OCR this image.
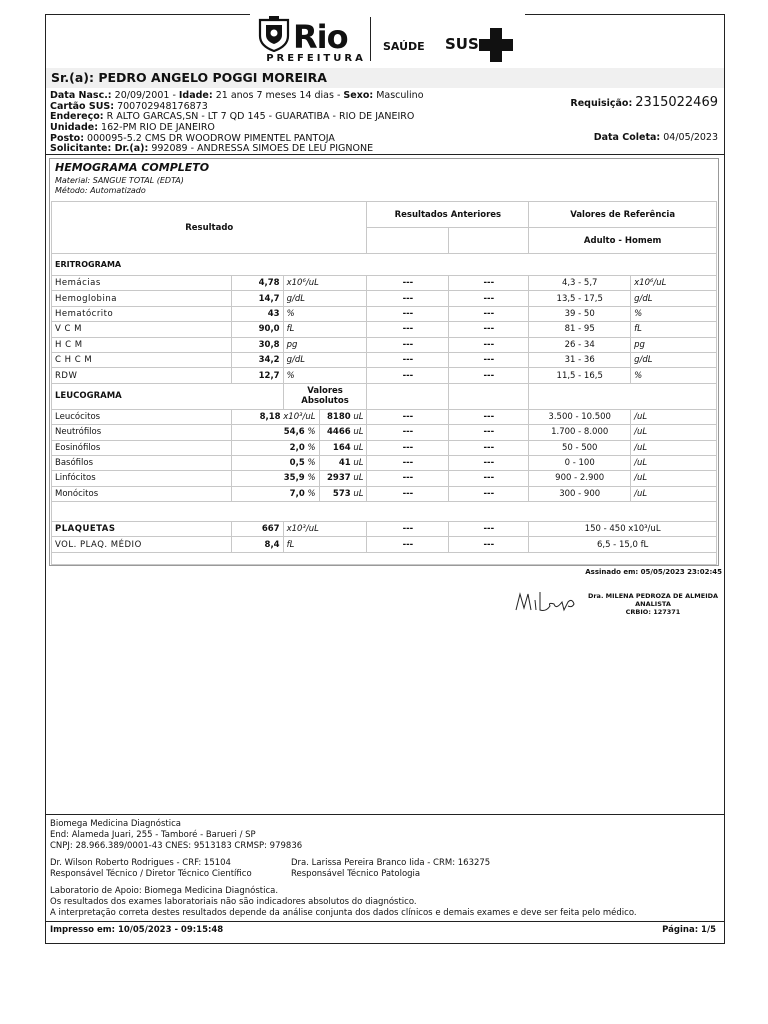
Rio
PREFEITURA
SAÚDE SUS
Sr.(a): PEDRO ANGELO POGGI MOREIRA
Data Nasc.: 20/09/2001 - Idade: 21 anos 7 meses 14 dias - Sexo: Masculino
Cartão SUS: 700702948176873
Endereço: R ALTO GARCAS,SN - LT 7 QD 145 - GUARATIBA - RIO DE JANEIRO
Unidade: 162-PM RIO DE JANEIRO
Posto: 000095-5.2 CMS DR WOODROW PIMENTEL PANTOJA
Solicitante: Dr.(a): 992089 - ANDRESSA SIMOES DE LEU PIGNONE
Requisição: 2315022469
Data Coleta: 04/05/2023
HEMOGRAMA COMPLETO
Material: SANGUE TOTAL (EDTA)
Método: Automatizado
Resultado				Resultados Anteriores		Valores de Referência	
						Adulto - Homem	
ERITROGRAMA							
Hemácias	4,78	x10⁶/uL		---	---	4,3 - 5,7	x10⁶/uL
Hemoglobina	14,7	g/dL		---	---	13,5 - 17,5	g/dL
Hematócrito	43	%		---	---	39 - 50	%
V C M	90,0	fL		---	---	81 - 95	fL
H C M	30,8	pg		---	---	26 - 34	pg
C H C M	34,2	g/dL		---	---	31 - 36	g/dL
RDW	12,7	%		---	---	11,5 - 16,5	%
LEUCOGRAMA		Valores Absolutos					
Leucócitos	8,18 x10³/uL		8180 uL	---	---	3.500 - 10.500	/uL
Neutrófilos	54,6 %		4466 uL	---	---	1.700 - 8.000	/uL
Eosinófilos	2,0 %		164 uL	---	---	50 - 500	/uL
Basófilos	0,5 %		41 uL	---	---	0 - 100	/uL
Linfócitos	35,9 %		2937 uL	---	---	900 - 2.900	/uL
Monócitos	7,0 %		573 uL	---	---	300 - 900	/uL

PLAQUETAS	667	x10³/uL		---	---	150 - 450 x10³/uL	
VOL. PLAQ. MÉDIO	8,4	fL		---	---	6,5 - 15,0 fL	

Assinado em: 05/05/2023 23:02:45
Dra. MILENA PEDROZA DE ALMEIDA
ANALISTA
CRBIO: 127371
Biomega Medicina Diagnóstica
End: Alameda Juari, 255 - Tamboré - Barueri / SP
CNPJ: 28.966.389/0001-43 CNES: 9513183 CRMSP: 979836
Dr. Wilson Roberto Rodrigues - CRF: 15104
Responsável Técnico / Diretor Técnico Científico
Dra. Larissa Pereira Branco Iida - CRM: 163275
Responsável Técnico Patologia
Laboratorio de Apoio: Biomega Medicina Diagnóstica.
Os resultados dos exames laboratoriais não são indicadores absolutos do diagnóstico.
A interpretação correta destes resultados depende da análise conjunta dos dados clínicos e demais exames e deve ser feita pelo médico.
Impresso em: 10/05/2023 - 09:15:48	Página: 1/5
